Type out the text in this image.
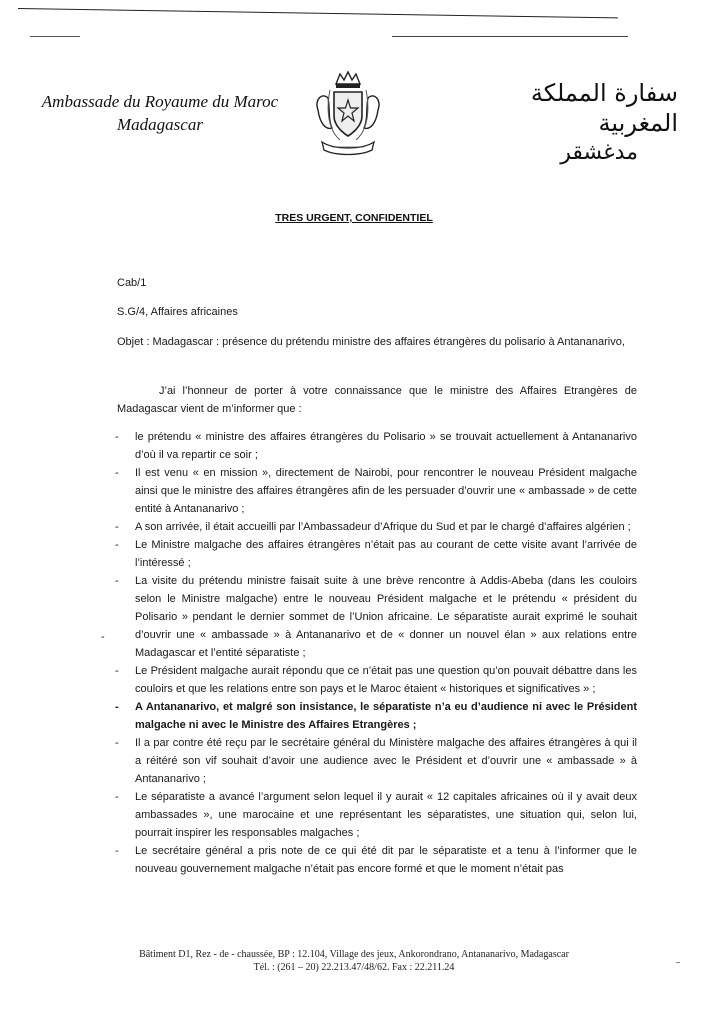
Ambassade du Royaume du Maroc
Madagascar
سفارة المملكة المغربية
مدغشقر
TRES URGENT, CONFIDENTIEL
Cab/1
S.G/4, Affaires africaines
Objet : Madagascar : présence du prétendu ministre des affaires étrangères du polisario à Antananarivo,
J’ai l’honneur de porter à votre connaissance que le ministre des Affaires Etrangères de Madagascar vient de m’informer que :
- le prétendu « ministre des affaires étrangères du Polisario » se trouvait actuellement à Antananarivo d’où il va repartir ce soir ;
- Il est venu « en mission », directement de Nairobi, pour rencontrer le nouveau Président malgache ainsi que le ministre des affaires étrangères afin de les persuader d’ouvrir une « ambassade » de cette entité à Antananarivo ;
- A son arrivée, il était accueilli par l’Ambassadeur d’Afrique du Sud et par le chargé d’affaires algérien ;
- Le Ministre malgache des affaires étrangères n’était pas au courant de cette visite avant l’arrivée de l’intéressé ;
- La visite du prétendu ministre faisait suite à une brève rencontre à Addis-Abeba (dans les couloirs selon le Ministre malgache) entre le nouveau Président malgache et le prétendu « président du Polisario » pendant le dernier sommet de l’Union africaine. Le séparatiste aurait exprimé le souhait d’ouvrir une « ambassade » à Antananarivo et de « donner un nouvel élan » aux relations entre Madagascar et l’entité séparatiste ;
- Le Président malgache aurait répondu que ce n’était pas une question qu’on pouvait débattre dans les couloirs et que les relations entre son pays et le Maroc étaient « historiques et significatives » ;
- A Antananarivo, et malgré son insistance, le séparatiste n’a eu d’audience ni avec le Président malgache ni avec le Ministre des Affaires Etrangères ;
- Il a par contre été reçu par le secrétaire général du Ministère malgache des affaires étrangères à qui il a réitéré son vif souhait d’avoir une audience avec le Président et d’ouvrir une « ambassade » à Antananarivo ;
- Le séparatiste a avancé l’argument selon lequel il y aurait « 12 capitales africaines où il y avait deux ambassades », une marocaine et une représentant les séparatistes, une situation qui, selon lui, pourrait inspirer les responsables malgaches ;
- Le secrétaire général a pris note de ce qui été dit par le séparatiste et a tenu à l’informer que le nouveau gouvernement malgache n’était pas encore formé et que le moment n’était pas
-
Bâtiment D1, Rez - de - chaussée, BP : 12.104, Village des jeux, Ankorondrano, Antananarivo, Madagascar
Tél. : (261 – 20) 22.213.47/48/62. Fax : 22.211.24
